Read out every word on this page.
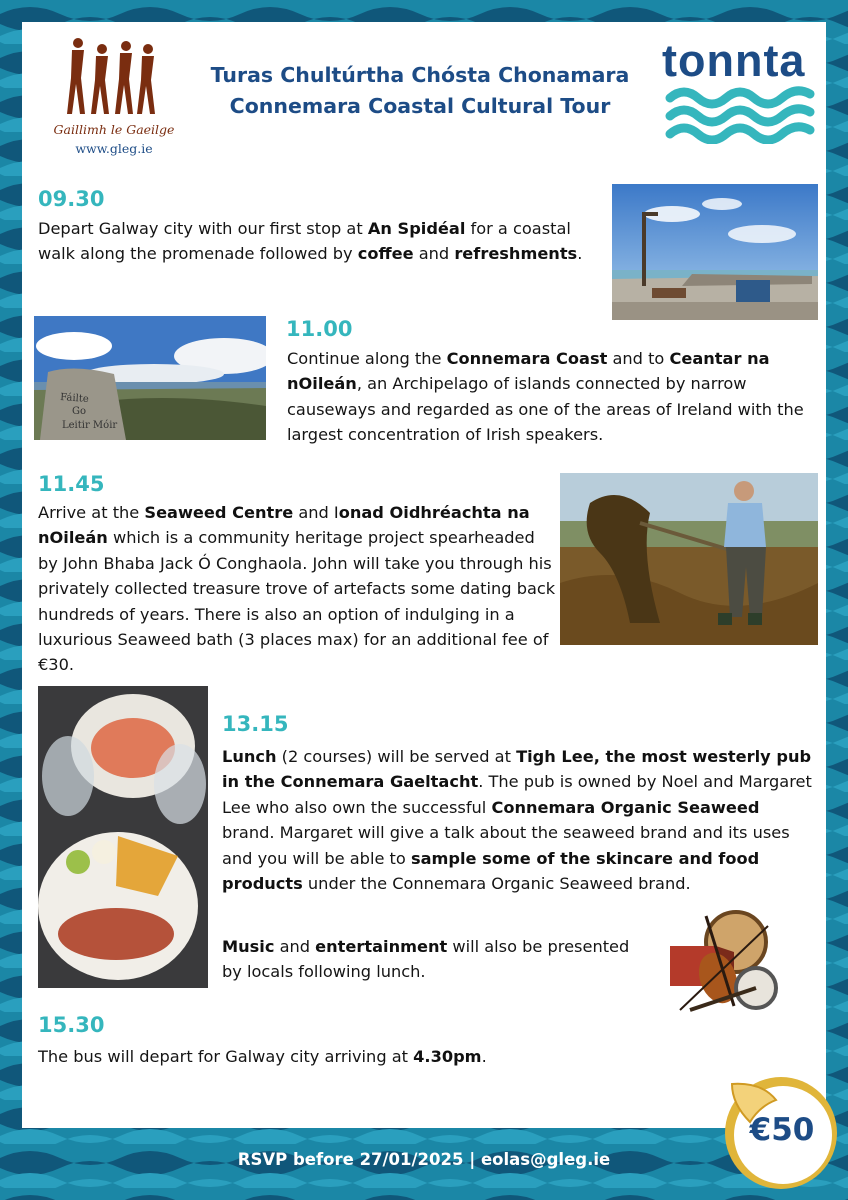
Gaillimh le Gaeilge
www.gleg.ie
Turas Chultúrtha Chósta Chonamara
Connemara Coastal Cultural Tour
tonnta
09.30
Depart Galway city with our first stop at An Spidéal for a coastal walk along the promenade followed by coffee and refreshments.
Fáilte
Go
Leitir Móir
11.00
Continue along the Connemara Coast and to Ceantar na nOileán, an Archipelago of islands connected by narrow causeways and regarded as one of the areas of Ireland with the largest concentration of Irish speakers.
11.45
Arrive at the Seaweed Centre and Ionad Oidhréachta na nOileán which is a community heritage project spearheaded by John Bhaba Jack Ó Conghaola. John will take you through his privately collected treasure trove of artefacts some dating back hundreds of years. There is also an option of indulging in a luxurious Seaweed bath (3 places max) for an additional fee of €30.
13.15
Lunch (2 courses) will be served at Tigh Lee, the most westerly pub in the Connemara Gaeltacht. The pub is owned by Noel and Margaret Lee who also own the successful Connemara Organic Seaweed brand. Margaret will give a talk about the seaweed brand and its uses and you will be able to sample some of the skincare and food products under the Connemara Organic Seaweed brand.
Music and entertainment will also be presented by locals following lunch.
15.30
The bus will depart for Galway city arriving at 4.30pm.
RSVP before 27/01/2025 | eolas@gleg.ie
€50
